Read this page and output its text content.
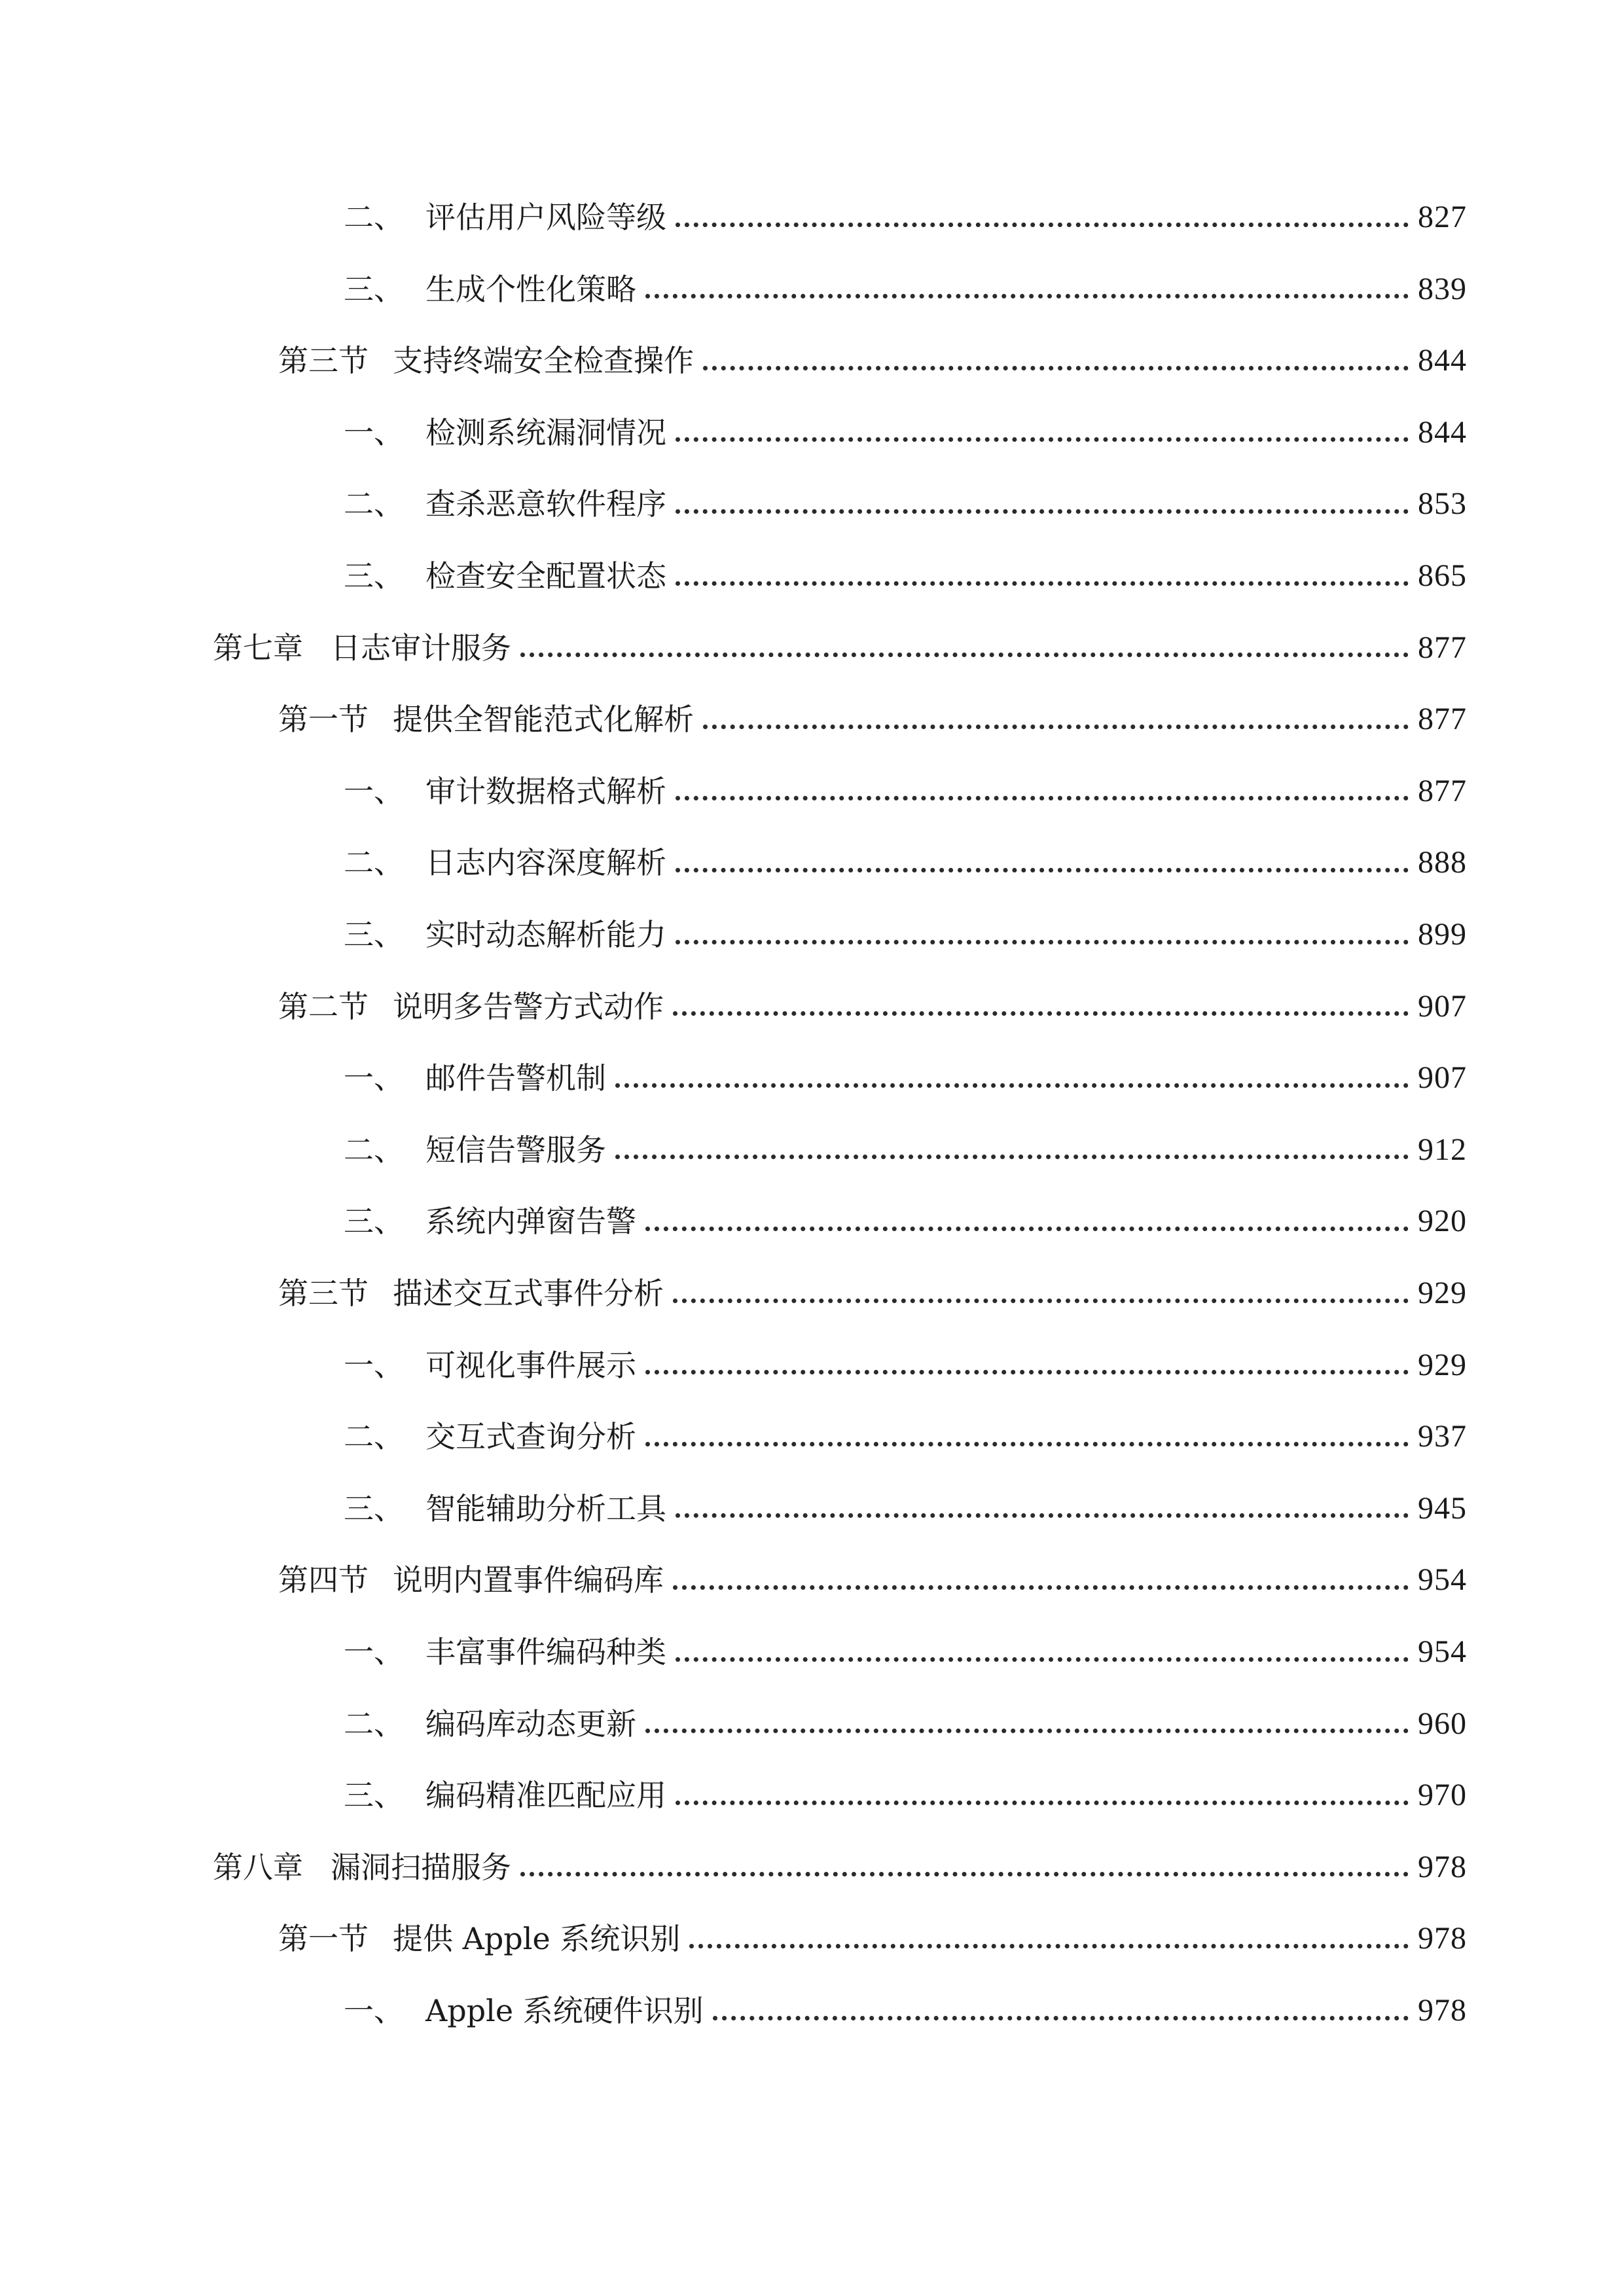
二、 评估用户风险等级	827
三、 生成个性化策略	839
第三节 支持终端安全检查操作	844
一、 检测系统漏洞情况	844
二、 查杀恶意软件程序	853
三、 检查安全配置状态	865
第七章 日志审计服务	877
第一节 提供全智能范式化解析	877
一、 审计数据格式解析	877
二、 日志内容深度解析	888
三、 实时动态解析能力	899
第二节 说明多告警方式动作	907
一、 邮件告警机制	907
二、 短信告警服务	912
三、 系统内弹窗告警	920
第三节 描述交互式事件分析	929
一、 可视化事件展示	929
二、 交互式查询分析	937
三、 智能辅助分析工具	945
第四节 说明内置事件编码库	954
一、 丰富事件编码种类	954
二、 编码库动态更新	960
三、 编码精准匹配应用	970
第八章 漏洞扫描服务	978
第一节 提供 Apple 系统识别	978
一、 Apple 系统硬件识别	978
